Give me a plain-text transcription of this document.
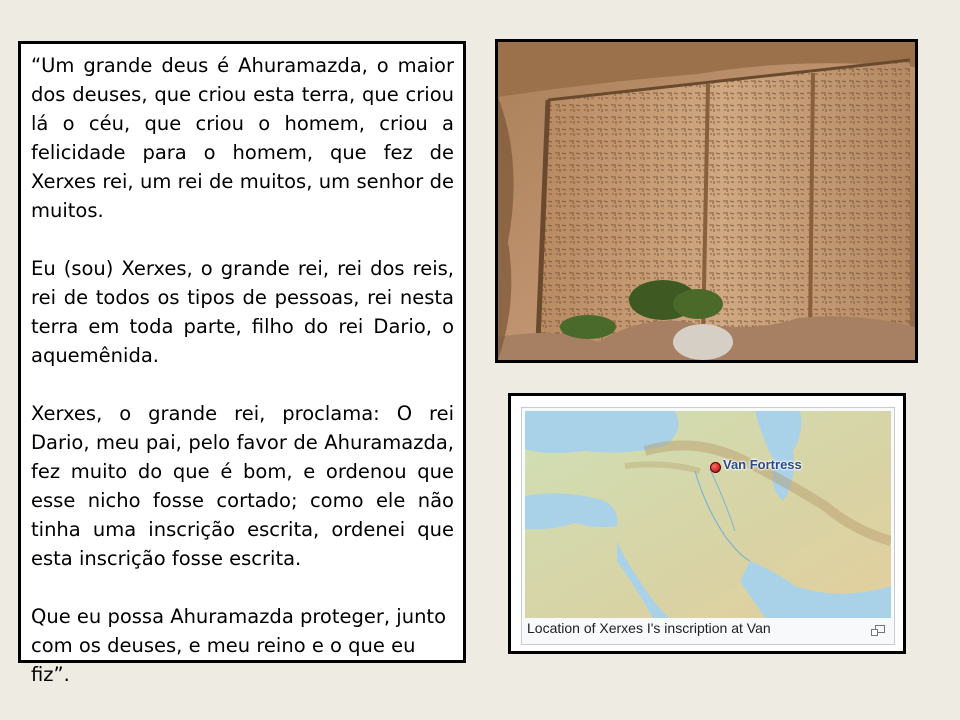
“Um grande deus é Ahuramazda, o maior dos deuses, que criou esta terra, que criou lá o céu, que criou o homem, criou a felicidade para o homem, que fez de Xerxes rei, um rei de muitos, um senhor de muitos.

Eu (sou) Xerxes, o grande rei, rei dos reis, rei de todos os tipos de pessoas, rei nesta terra em toda parte, filho do rei Dario, o aquemênida.

Xerxes, o grande rei, proclama: O rei Dario, meu pai, pelo favor de Ahuramazda, fez muito do que é bom, e ordenou que esse nicho fosse cortado; como ele não tinha uma inscrição escrita, ordenei que esta inscrição fosse escrita.

Que eu possa Ahuramazda proteger, junto com os deuses, e meu reino e o que eu fiz”.

Van Fortress
Location of Xerxes I's inscription at Van
